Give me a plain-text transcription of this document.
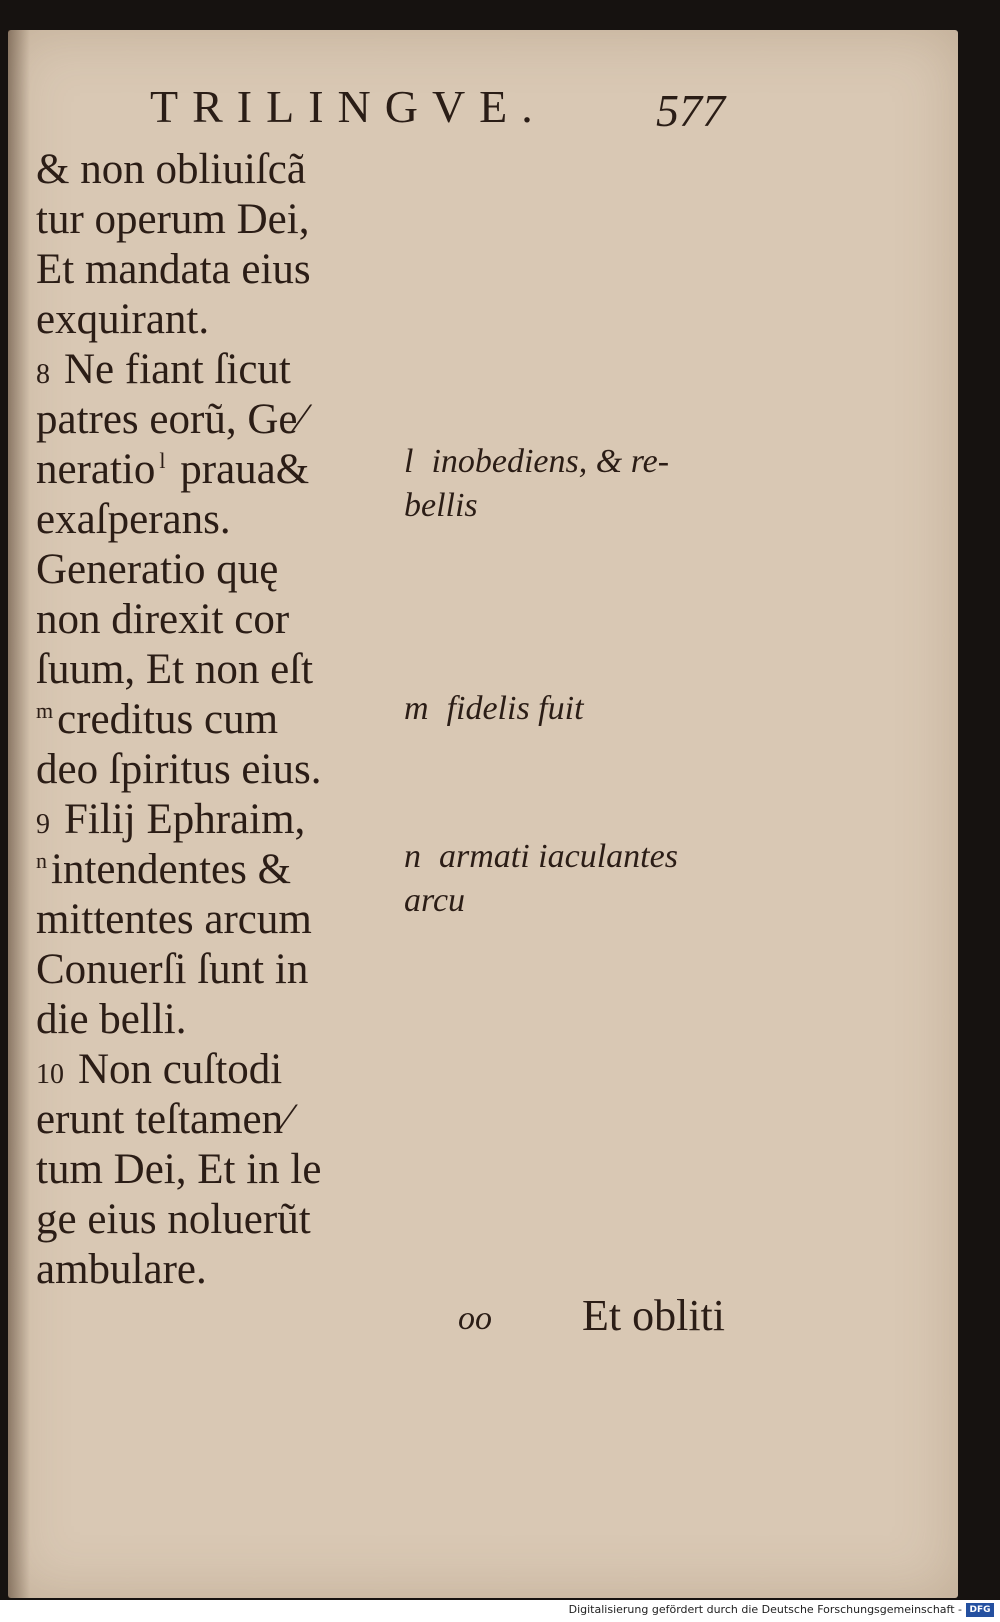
TRILINGVE. 577
& non obliuiſcã
tur operum Dei,
Et mandata eius
exquirant.
8 Ne fiant ſicut
patres eorũ, Ge⁄
neratio $^l$ praua&
exaſperans.
Generatio quę
non direxit cor
ſuum, Et non eſt
$^m$creditus cum
deo ſpiritus eius.
9 Filij Ephraim,
$^n$intendentes &
mittentes arcum
Conuerſi ſunt in
die belli.
10 Non cuſtodi
erunt teſtamen⁄
tum Dei, Et in le
ge eius noluerũt
ambulare.
l inobediens, & re-
bellis
m fidelis fuit
n armati iaculantes
arcu
oo Et obliti
Digitalisierung gefördert durch die Deutsche Forschungsgemeinschaft - DFG
